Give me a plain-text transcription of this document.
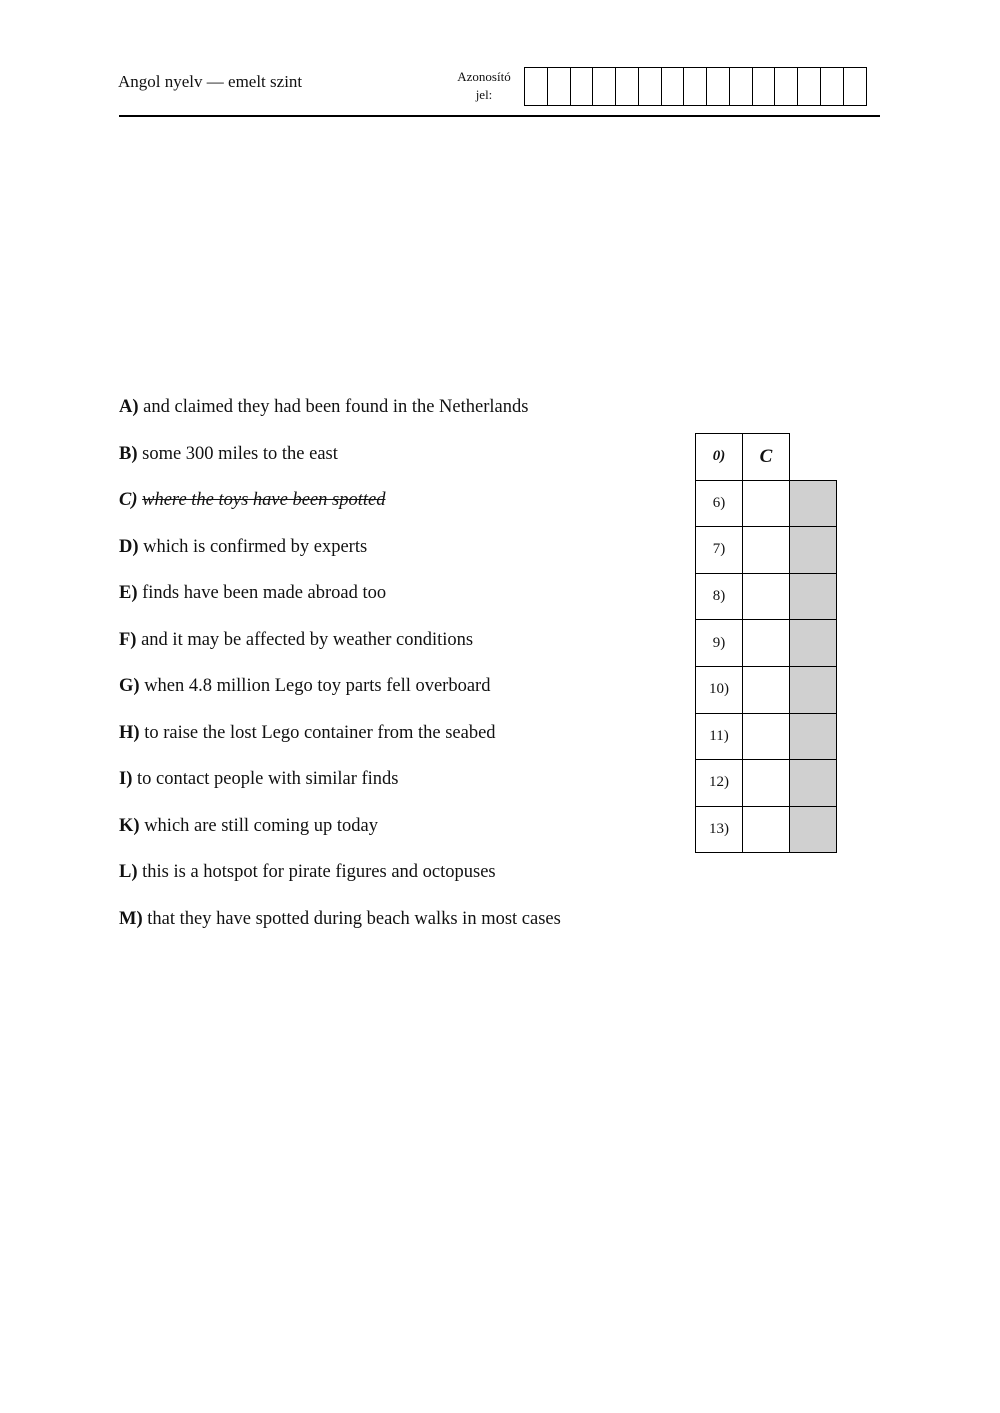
Angol nyelv — emelt szint	Azonosító
jel:
A) and claimed they had been found in the Netherlands
B) some 300 miles to the east
C) where the toys have been spotted
D) which is confirmed by experts
E) finds have been made abroad too
F) and it may be affected by weather conditions
G) when 4.8 million Lego toy parts fell overboard
H) to raise the lost Lego container from the seabed
I) to contact people with similar finds
K) which are still coming up today
L) this is a hotspot for pirate figures and octopuses
M) that they have spotted during beach walks in most cases
0)	C	
6)		
7)		
8)		
9)		
10)		
11)		
12)		
13)		
